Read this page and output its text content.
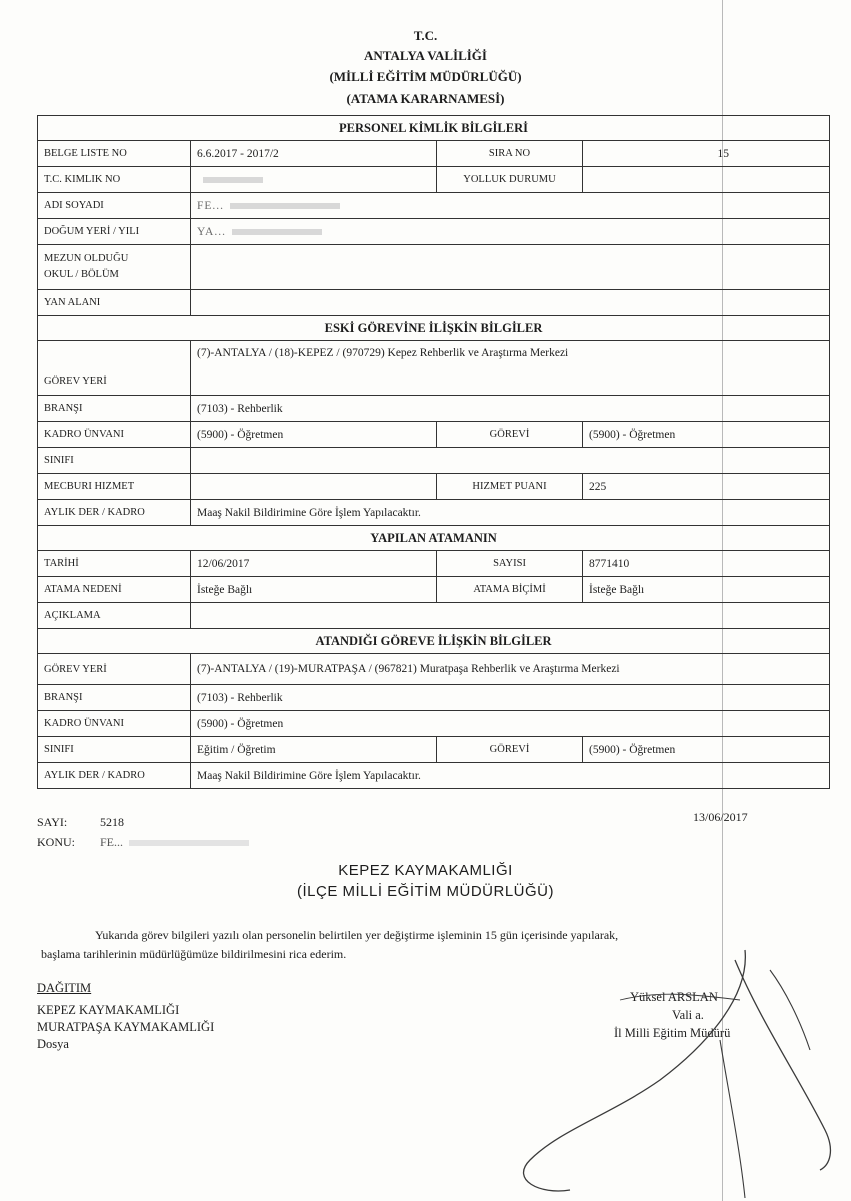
T.C.
ANTALYA VALİLİĞİ
(MİLLİ EĞİTİM MÜDÜRLÜĞÜ)
(ATAMA KARARNAMESİ)
PERSONEL KİMLİK BİLGİLERİ			
BELGE LISTE NO	6.6.2017 - 2017/2	SIRA NO	15
T.C. KIMLIK NO		YOLLUK DURUMU	
ADI SOYADI	FE...		
DOĞUM YERİ / YILI	YA...		

MEZUN OLDUĞU
OKUL / BÖLÜM			

YAN ALANI			
ESKİ GÖREVİNE İLİŞKİN BİLGİLER			
GÖREV YERİ	(7)-ANTALYA / (18)-KEPEZ / (970729) Kepez Rehberlik ve Araştırma Merkezi		
BRANŞI	(7103) - Rehberlik		
KADRO ÜNVANI	(5900) - Öğretmen	GÖREVİ	(5900) - Öğretmen
SINIFI			
MECBURI HIZMET		HIZMET PUANI	225
AYLIK DER / KADRO	Maaş Nakil Bildirimine Göre İşlem Yapılacaktır.		
YAPILAN ATAMANIN			
TARİHİ	12/06/2017	SAYISI	8771410
ATAMA NEDENİ	İsteğe Bağlı	ATAMA BİÇİMİ	İsteğe Bağlı
AÇIKLAMA			
ATANDIĞI GÖREVE İLİŞKİN BİLGİLER			
GÖREV YERİ	(7)-ANTALYA / (19)-MURATPAŞA / (967821) Muratpaşa Rehberlik ve Araştırma Merkezi		
BRANŞI	(7103) - Rehberlik		
KADRO ÜNVANI	(5900) - Öğretmen		
SINIFI	Eğitim / Öğretim	GÖREVİ	(5900) - Öğretmen
AYLIK DER / KADRO	Maaş Nakil Bildirimine Göre İşlem Yapılacaktır.		
SAYI:	5218
KONU: FE...
13/06/2017
KEPEZ KAYMAKAMLIĞI
(İLÇE MİLLİ EĞİTİM MÜDÜRLÜĞÜ)
Yukarıda görev bilgileri yazılı olan personelin belirtilen yer değiştirme işleminin 15 gün içerisinde yapılarak,
başlama tarihlerinin müdürlüğümüze bildirilmesini rica ederim.
DAĞITIM
KEPEZ KAYMAKAMLIĞI
MURATPAŞA KAYMAKAMLIĞI
Dosya
Yüksel ARSLAN
Vali a.
İl Milli Eğitim Müdürü
